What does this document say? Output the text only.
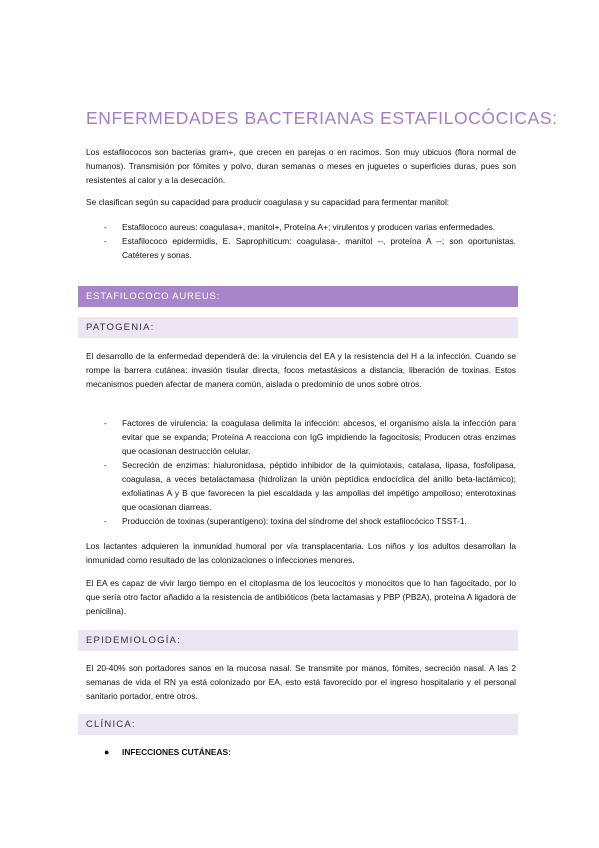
ENFERMEDADES BACTERIANAS ESTAFILOCÓCICAS:

Los estafilococos son bacterias gram+, que crecen en parejas o en racimos. Son muy ubicuos (flora normal de humanos). Transmisión por fómites y polvo, duran semanas o meses en juguetes o superficies duras, pues son resistentes al calor y a la desecación.

Se clasifican según su capacidad para producir coagulasa y su capacidad para fermentar manitol:

- Estafilococo aureus: coagulasa+, manitol+, Proteína A+; virulentos y producen varias enfermedades.
- Estafilococo epidermidis, E. Saprophiticum: coagulasa-, manitol --, proteína A --; son oportunistas. Catéteres y sonas.
ESTAFILOCOCO AUREUS:
PATOGENIA:

El desarrollo de la enfermedad dependerá de: la virulencia del EA y la resistencia del H a la infección. Cuando se rompe la barrera cutánea: invasión tisular directa, focos metastásicos a distancia, liberación de toxinas. Estos mecanismos pueden afectar de manera común, aislada o predominio de unos sobre otros.

- Factores de virulencia: la coagulasa delimita la infección: abcesos, el organismo aísla la infección para evitar que se expanda; Proteína A reacciona con IgG impidiendo la fagocitosis; Producen otras enzimas que ocasionan destrucción celular.
- Secreción de enzimas: hialuronidasa, péptido inhibidor de la quimiotaxis, catalasa, lipasa, fosfolipasa, coagulasa, a veces betalactamasa (hidrolizan la unión peptídica endocíclica del anillo beta-lactámico); exfoliatinas A y B que favorecen la piel escaldada y las ampollas del impétigo ampolloso; enterotoxinas que ocasionan diarreas.
- Producción de toxinas (superantígeno): toxina del síndrome del shock estafilocócico TSST-1.

Los lactantes adquieren la inmunidad humoral por vía transplacentaria. Los niños y los adultos desarrollan la inmunidad como resultado de las colonizaciones o infecciones menores.

El EA es capaz de vivir largo tiempo en el citoplasma de los leucocitos y monocitos que lo han fagocitado, por lo que sería otro factor añadido a la resistencia de antibióticos (beta lactamasas y PBP (PB2A), proteína A ligadora de penicilina).

EPIDEMIOLOGÍA:

El 20-40% son portadores sanos en la mucosa nasal. Se transmite por manos, fómites, secreción nasal. A las 2 semanas de vida el RN ya está colonizado por EA, esto está favorecido por el ingreso hospitalario y el personal sanitario portador, entre otros.

CLÍNICA:
● INFECCIONES CUTÁNEAS:
